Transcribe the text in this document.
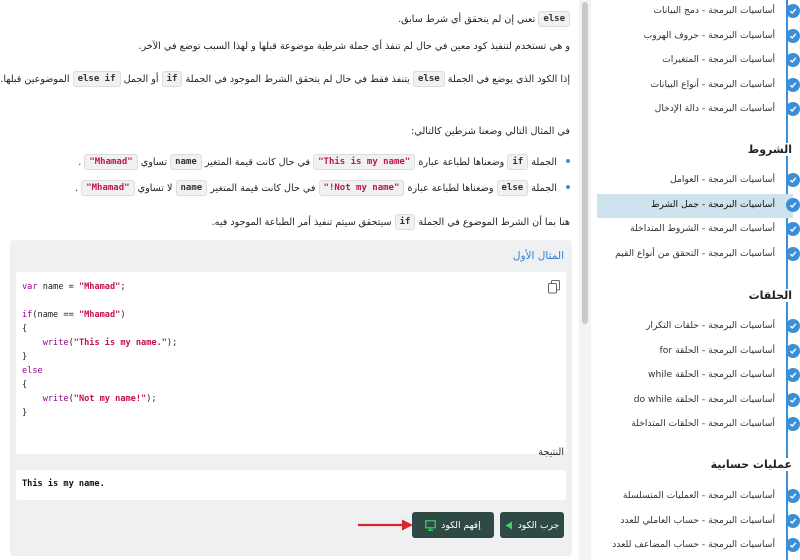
else تعني إن لم يتحقق أي شرط سابق.
و هي تستخدم لتنفيذ كود معين في حال لم تنفذ أي جملة شرطية موضوعة قبلها و لهذا السبب توضع في الآخر.
إذا الكود الذي يوضع في الجملة else يتنفذ فقط في حال لم يتحقق الشرط الموجود في الجملة if أو الجمل else if الموضوعين قبلها.
في المثال التالي وضعنا شرطين كالتالي:
الجملة if وضعناها لطباعة عبارة "This is my name" في حال كانت قيمة المتغير name تساوي "Mhamad" .
الجملة else وضعناها لطباعة عبارة "Not my name!" في حال كانت قيمة المتغير name لا تساوي "Mhamad" .
هنا بما أن الشرط الموضوع في الجملة if سيتحقق سيتم تنفيذ أمر الطباعة الموجود فيه.
المثال الأول
var name = "Mhamad";

if(name == "Mhamad")
{
write("This is my name.");
}
else
{
write("Not my name!");
}
النتيجة
This is my name.
جرب الكود
إفهم الكود
أساسيات البرمجة - دمج البيانات
أساسيات البرمجة - حروف الهروب
أساسيات البرمجة - المتغيرات
أساسيات البرمجة - أنواع البيانات
أساسيات البرمجة - دالة الإدخال
الشروط
أساسيات البرمجة - العوامل
أساسيات البرمجة - جمل الشرط
أساسيات البرمجة - الشروط المتداخلة
أساسيات البرمجة - التحقق من أنواع القيم
الحلقات
أساسيات البرمجة - حلقات التكرار
أساسيات البرمجة - الحلقة for
أساسيات البرمجة - الحلقة while
أساسيات البرمجة - الحلقة do while
أساسيات البرمجة - الحلقات المتداخلة
عمليات حسابية
أساسيات البرمجة - العمليات المتسلسلة
أساسيات البرمجة - حساب العاملي للعدد
أساسيات البرمجة - حساب المضاعف للعدد
